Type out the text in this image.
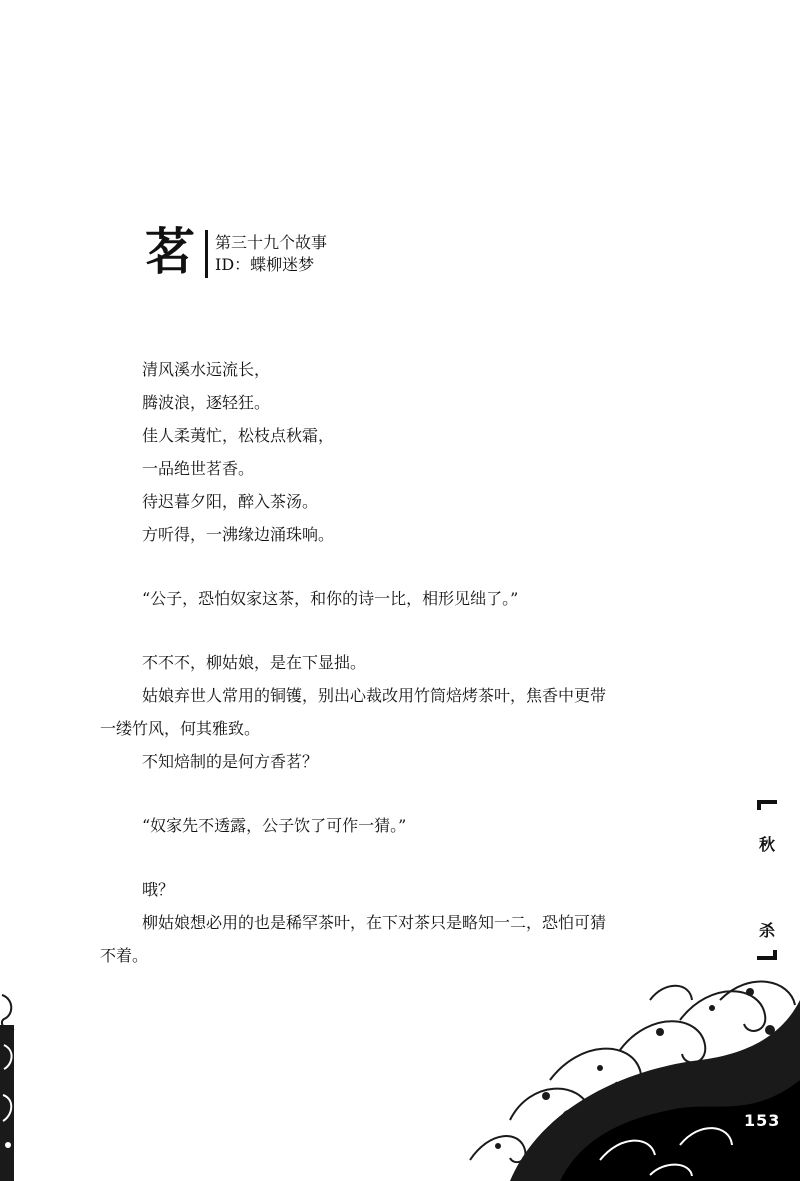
茗 第三十九个故事
ID：蝶柳迷梦
清风溪水远流长，
腾波浪，逐轻狂。
佳人柔荑忙，松枝点秋霜，
一品绝世茗香。
待迟暮夕阳，醉入茶汤。
方听得，一沸缘边涌珠响。
“公子，恐怕奴家这茶，和你的诗一比，相形见绌了。”
不不不，柳姑娘，是在下显拙。
姑娘弃世人常用的铜镬，别出心裁改用竹筒焙烤茶叶，焦香中更带
一缕竹风，何其雅致。
不知焙制的是何方香茗？
“奴家先不透露，公子饮了可作一猜。”
哦？
柳姑娘想必用的也是稀罕茶叶，在下对茶只是略知一二，恐怕可猜
不着。
秋
杀
153
